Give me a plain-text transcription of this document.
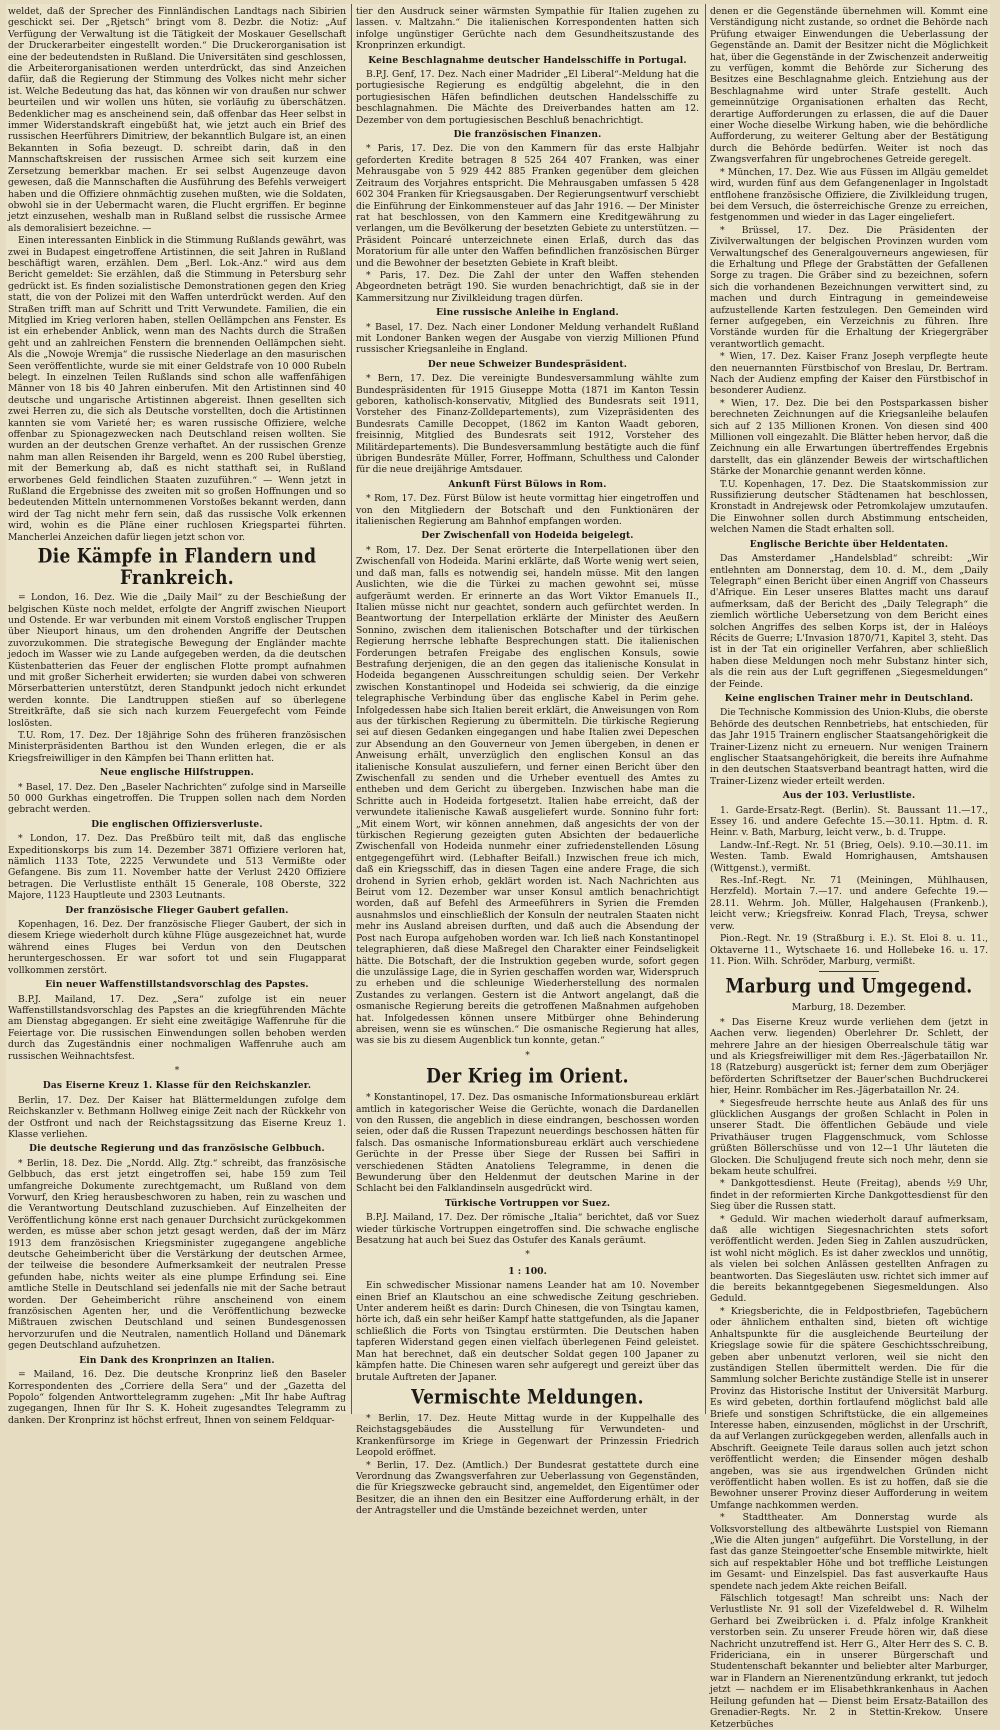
weldet, daß der Sprecher des Finnländischen Landtags nach Sibirien geschickt sei. Der „Rjetsch“ bringt vom 8. Dezbr. die Notiz: „Auf Verfügung der Verwaltung ist die Tätigkeit der Moskauer Gesellschaft der Druckerarbeiter eingestellt worden.“ Die Druckerorganisation ist eine der bedeutendsten in Rußland. Die Universitäten sind geschlossen, die Arbeiterorganisationen werden unterdrückt, das sind Anzeichen dafür, daß die Regierung der Stimmung des Volkes nicht mehr sicher ist. Welche Bedeutung das hat, das können wir von draußen nur schwer beurteilen und wir wollen uns hüten, sie vorläufig zu überschätzen. Bedenklicher mag es anscheinend sein, daß offenbar das Heer selbst in immer Widerstandskraft eingebüßt hat, wie jetzt auch ein Brief des russischen Heerführers Dimitriew, der bekanntlich Bulgare ist, an einen Bekannten in Sofia bezeugt. D. schreibt darin, daß in den Mannschaftskreisen der russischen Armee sich seit kurzem eine Zersetzung bemerkbar machen. Er sei selbst Augenzeuge davon gewesen, daß die Mannschaften die Ausführung des Befehls verweigert haben und die Offiziere ohnmächtig zusehen mußten, wie die Soldaten, obwohl sie in der Uebermacht waren, die Flucht ergriffen. Er beginne jetzt einzusehen, weshalb man in Rußland selbst die russische Armee als demoralisiert bezeichne. —

Einen interessanten Einblick in die Stimmung Rußlands gewährt, was zwei in Budapest eingetroffene Artistinnen, die seit Jahren in Rußland beschäftigt waren, erzählen. Dem „Berl. Lok.-Anz.“ wird aus dem Bericht gemeldet: Sie erzählen, daß die Stimmung in Petersburg sehr gedrückt ist. Es finden sozialistische Demonstrationen gegen den Krieg statt, die von der Polizei mit den Waffen unterdrückt werden. Auf den Straßen trifft man auf Schritt und Tritt Verwundete. Familien, die ein Mitglied im Krieg verloren haben, stellen Oellämpchen ans Fenster. Es ist ein erhebender Anblick, wenn man des Nachts durch die Straßen geht und an zahlreichen Fenstern die brennenden Oellämpchen sieht. Als die „Nowoje Wremja“ die russische Niederlage an den masurischen Seen veröffentlichte, wurde sie mit einer Geldstrafe von 10 000 Rubeln belegt. In einzelnen Teilen Rußlands sind schon alle waffenfähigen Männer von 18 bis 40 Jahren einberufen. Mit den Artistinnen sind 40 deutsche und ungarische Artistinnen abgereist. Ihnen gesellten sich zwei Herren zu, die sich als Deutsche vorstellten, doch die Artistinnen kannten sie vom Varieté her; es waren russische Offiziere, welche offenbar zu Spionagezwecken nach Deutschland reisen wollten. Sie wurden an der deutschen Grenze verhaftet. An der russischen Grenze nahm man allen Reisenden ihr Bargeld, wenn es 200 Rubel überstieg, mit der Bemerkung ab, daß es nicht statthaft sei, in Rußland erworbenes Geld feindlichen Staaten zuzuführen.“ — Wenn jetzt in Rußland die Ergebnisse des zweiten mit so großen Hoffnungen und so bedeutenden Mitteln unternommenen Vorstoßes bekannt werden, dann wird der Tag nicht mehr fern sein, daß das russische Volk erkennen wird, wohin es die Pläne einer ruchlosen Kriegspartei führten. Mancherlei Anzeichen dafür liegen jetzt schon vor.

Die Kämpfe in Flandern und Frankreich.

= London, 16. Dez. Wie die „Daily Mail“ zu der Beschießung der belgischen Küste noch meldet, erfolgte der Angriff zwischen Nieuport und Ostende. Er war verbunden mit einem Vorstoß englischer Truppen über Nieuport hinaus, um den drohenden Angriffe der Deutschen zuvorzukommen. Die strategische Bewegung der Engländer machte jedoch im Wasser wie zu Lande aufgegeben werden, da die deutschen Küstenbatterien das Feuer der englischen Flotte prompt aufnahmen und mit großer Sicherheit erwiderten; sie wurden dabei von schweren Mörserbatterien unterstützt, deren Standpunkt jedoch nicht erkundet werden konnte. Die Landtruppen stießen auf so überlegene Streitkräfte, daß sie sich nach kurzem Feuergefecht vom Feinde loslösten.

T.U. Rom, 17. Dez. Der 18jährige Sohn des früheren französischen Ministerpräsidenten Barthou ist den Wunden erlegen, die er als Kriegsfreiwilliger in den Kämpfen bei Thann erlitten hat.

Neue englische Hilfstruppen.

* Basel, 17. Dez. Den „Baseler Nachrichten“ zufolge sind in Marseille 50 000 Gurkhas eingetroffen. Die Truppen sollen nach dem Norden gebracht werden.

Die englischen Offiziersverluste.

* London, 17. Dez. Das Preßbüro teilt mit, daß das englische Expeditionskorps bis zum 14. Dezember 3871 Offiziere verloren hat, nämlich 1133 Tote, 2225 Verwundete und 513 Vermißte oder Gefangene. Bis zum 11. November hatte der Verlust 2420 Offiziere betragen. Die Verlustliste enthält 15 Generale, 108 Oberste, 322 Majore, 1123 Hauptleute und 2303 Leutnants.

Der französische Flieger Gaubert gefallen.

Kopenhagen, 16. Dez. Der französische Flieger Gaubert, der sich in diesem Kriege wiederholt durch kühne Flüge ausgezeichnet hat, wurde während eines Fluges bei Verdun von den Deutschen heruntergeschossen. Er war sofort tot und sein Flugapparat vollkommen zerstört.

Ein neuer Waffenstillstandsvorschlag des Papstes.

B.P.J. Mailand, 17. Dez. „Sera“ zufolge ist ein neuer Waffenstillstandsvorschlag des Papstes an die kriegführenden Mächte am Dienstag abgegangen. Er sieht eine zweitägige Waffenruhe für die Feiertage vor. Die russischen Einwendungen sollen behoben werden durch das Zugeständnis einer nochmaligen Waffenruhe auch am russischen Weihnachtsfest.

*
Das Eiserne Kreuz 1. Klasse für den Reichskanzler.

Berlin, 17. Dez. Der Kaiser hat Blättermeldungen zufolge dem Reichskanzler v. Bethmann Hollweg einige Zeit nach der Rückkehr von der Ostfront und nach der Reichstagssitzung das Eiserne Kreuz 1. Klasse verliehen.

Die deutsche Regierung und das französische Gelbbuch.

* Berlin, 18. Dez. Die „Nordd. Allg. Ztg.“ schreibt, das französische Gelbbuch, das erst jetzt eingetroffen sei, habe 159 zum Teil umfangreiche Dokumente zurechtgemacht, um Rußland von dem Vorwurf, den Krieg herausbeschworen zu haben, rein zu waschen und die Verantwortung Deutschland zuzuschieben. Auf Einzelheiten der Veröffentlichung könne erst nach genauer Durchsicht zurückgekommen werden, es müsse aber schon jetzt gesagt werden, daß der im März 1913 dem französischen Kriegsminister zugegangene angebliche deutsche Geheimbericht über die Verstärkung der deutschen Armee, der teilweise die besondere Aufmerksamkeit der neutralen Presse gefunden habe, nichts weiter als eine plumpe Erfindung sei. Eine amtliche Stelle in Deutschland sei jedenfalls nie mit der Sache betraut worden. Der Geheimbericht rühre anscheinend von einem französischen Agenten her, und die Veröffentlichung bezwecke Mißtrauen zwischen Deutschland und seinen Bundesgenossen hervorzurufen und die Neutralen, namentlich Holland und Dänemark gegen Deutschland aufzuhetzen.

Ein Dank des Kronprinzen an Italien.

= Mailand, 16. Dez. Die deutsche Kronprinz ließ den Baseler Korrespondenten des „Corriere della Sera“ und der „Gazetta del Popolo“ folgenden Antworttelegramm zugehen: „Mit Ihr habe Auftrag zugegangen, Ihnen für Ihr S. K. Hoheit zugesandtes Telegramm zu danken. Der Kronprinz ist höchst erfreut, Ihnen von seinem Feldquar-

tier den Ausdruck seiner wärmsten Sympathie für Italien zugehen zu lassen. v. Maltzahn.“ Die italienischen Korrespondenten hatten sich infolge ungünstiger Gerüchte nach dem Gesundheitszustande des Kronprinzen erkundigt.

Keine Beschlagnahme deutscher Handelsschiffe in Portugal.

B.P.J. Genf, 17. Dez. Nach einer Madrider „El Liberal“-Meldung hat die portugiesische Regierung es endgültig abgelehnt, die in den portugiesischen Häfen befindlichen deutschen Handelsschiffe zu beschlagnahmen. Die Mächte des Dreiverbandes hatten am 12. Dezember von dem portugiesischen Beschluß benachrichtigt.

Die französischen Finanzen.

* Paris, 17. Dez. Die von den Kammern für das erste Halbjahr geforderten Kredite betragen 8 525 264 407 Franken, was einer Mehrausgabe von 5 929 442 885 Franken gegenüber dem gleichen Zeitraum des Vorjahres entspricht. Die Mehrausgaben umfassen 5 428 602 304 Franken für Kriegsausgaben. Der Regierungsentwurf verschiebt die Einführung der Einkommensteuer auf das Jahr 1916. — Der Minister rat hat beschlossen, von den Kammern eine Kreditgewährung zu verlangen, um die Bevölkerung der besetzten Gebiete zu unterstützen. — Präsident Poincaré unterzeichnete einen Erlaß, durch das das Moratorium für alle unter den Waffen befindlichen französischen Bürger und die Bewohner der besetzten Gebiete in Kraft bleibt.

* Paris, 17. Dez. Die Zahl der unter den Waffen stehenden Abgeordneten beträgt 190. Sie wurden benachrichtigt, daß sie in der Kammersitzung nur Zivilkleidung tragen dürfen.

Eine russische Anleihe in England.

* Basel, 17. Dez. Nach einer Londoner Meldung verhandelt Rußland mit Londoner Banken wegen der Ausgabe von vierzig Millionen Pfund russischer Kriegsanleihe in England.

Der neue Schweizer Bundespräsident.

* Bern, 17. Dez. Die vereinigte Bundesversammlung wählte zum Bundespräsidenten für 1915 Giuseppe Motta (1871 im Kanton Tessin geboren, katholisch-konservativ, Mitglied des Bundesrats seit 1911, Vorsteher des Finanz-Zolldepartements), zum Vizepräsidenten des Bundesrats Camille Decoppet, (1862 im Kanton Waadt geboren, freisinnig, Mitglied des Bundesrats seit 1912, Vorsteher des Militärdepartements). Die Bundesversammlung bestätigte auch die fünf übrigen Bundesräte Müller, Forrer, Hoffmann, Schulthess und Calonder für die neue dreijährige Amtsdauer.

Ankunft Fürst Bülows in Rom.

* Rom, 17. Dez. Fürst Bülow ist heute vormittag hier eingetroffen und von den Mitgliedern der Botschaft und den Funktionären der italienischen Regierung am Bahnhof empfangen worden.

Der Zwischenfall von Hodeida beigelegt.

* Rom, 17. Dez. Der Senat erörterte die Interpellationen über den Zwischenfall von Hodeida. Marini erklärte, daß Worte wenig wert seien, und daß man, falls es notwendig sei, handeln müsse. Mit den langen Auslichten, wie die die Türkei zu machen gewohnt sei, müsse aufgeräumt werden. Er erinnerte an das Wort Viktor Emanuels II., Italien müsse nicht nur geachtet, sondern auch gefürchtet werden. In Beantwortung der Interpellation erklärte der Minister des Aeußern Sonnino, zwischen dem italienischen Botschafter und der türkischen Regierung herrsche lebhafte Besprechungen statt. Die italienischen Forderungen betrafen Freigabe des englischen Konsuls, sowie Bestrafung derjenigen, die an den gegen das italienische Konsulat in Hodeida begangenen Ausschreitungen schuldig seien. Der Verkehr zwischen Konstantinopel und Hodeida sei schwierig, da die einzige telegraphische Verbindung über das englische Kabel in Perim gehe. Infolgedessen habe sich Italien bereit erklärt, die Anweisungen von Rom aus der türkischen Regierung zu übermitteln. Die türkische Regierung sei auf diesen Gedanken eingegangen und habe Italien zwei Depeschen zur Absendung an den Gouverneur von Jemen übergeben, in denen er Anweisung erhält, unverzüglich den englischen Konsul an das italienische Konsulat auszuliefern, und ferner einen Bericht über den Zwischenfall zu senden und die Urheber eventuell des Amtes zu entheben und dem Gericht zu übergeben. Inzwischen habe man die Schritte auch in Hodeida fortgesetzt. Italien habe erreicht, daß der verwundete italienische Kawaß ausgeliefert wurde. Sonnino fuhr fort: „Mit einem Wort, wir können annehmen, daß angesichts der von der türkischen Regierung gezeigten guten Absichten der bedauerliche Zwischenfall von Hodeida nunmehr einer zufriedenstellenden Lösung entgegengeführt wird. (Lebhafter Beifall.) Inzwischen freue ich mich, daß ein Kriegsschiff, das in diesen Tagen eine andere Frage, die sich drohend in Syrien erhob, geklärt worden ist. Nach Nachrichten aus Beirut vom 12. Dezember war unser Konsul amtlich benachrichtigt worden, daß auf Befehl des Armeeführers in Syrien die Fremden ausnahmslos und einschließlich der Konsuln der neutralen Staaten nicht mehr ins Ausland abreisen durften, und daß auch die Absendung der Post nach Europa aufgehoben worden war. Ich ließ nach Konstantinopel telegraphieren, daß diese Maßregel den Charakter einer Feindseligkeit hätte. Die Botschaft, der die Instruktion gegeben wurde, sofort gegen die unzulässige Lage, die in Syrien geschaffen worden war, Widerspruch zu erheben und die schleunige Wiederherstellung des normalen Zustandes zu verlangen. Gestern ist die Antwort angelangt, daß die osmanische Regierung bereits die getroffenen Maßnahmen aufgehoben hat. Infolgedessen können unsere Mitbürger ohne Behinderung abreisen, wenn sie es wünschen.“ Die osmanische Regierung hat alles, was sie bis zu diesem Augenblick tun konnte, getan.“

*
Der Krieg im Orient.

* Konstantinopel, 17. Dez. Das osmanische Informationsbureau erklärt amtlich in kategorischer Weise die Gerüchte, wonach die Dardanellen von den Russen, die angeblich in diese eindrangen, beschossen worden seien, oder daß die Russen Trapezunt neuerdings beschossen hätten für falsch. Das osmanische Informationsbureau erklärt auch verschiedene Gerüchte in der Presse über Siege der Russen bei Saffiri in verschiedenen Städten Anatoliens Telegramme, in denen die Bewunderung über den Heldenmut der deutschen Marine in der Schlacht bei den Falklandinseln ausgedrückt wird.

Türkische Vortruppen vor Suez.

B.P.J. Mailand, 17. Dez. Der römische „Italia“ berichtet, daß vor Suez wieder türkische Vortruppen eingetroffen sind. Die schwache englische Besatzung hat auch bei Suez das Ostufer des Kanals geräumt.

*
1 : 100.

Ein schwedischer Missionar namens Leander hat am 10. November einen Brief an Klautschou an eine schwedische Zeitung geschrieben. Unter anderem heißt es darin: Durch Chinesen, die von Tsingtau kamen, hörte ich, daß ein sehr heißer Kampf hatte stattgefunden, als die Japaner schließlich die Forts von Tsingtau erstürmten. Die Deutschen haben tapferen Widerstand gegen einen vielfach überlegenen Feind geleistet. Man hat berechnet, daß ein deutscher Soldat gegen 100 Japaner zu kämpfen hatte. Die Chinesen waren sehr aufgeregt und gereizt über das brutale Auftreten der Japaner.

Vermischte Meldungen.

* Berlin, 17. Dez. Heute Mittag wurde in der Kuppelhalle des Reichstagsgebäudes die Ausstellung für Verwundeten- und Krankenfürsorge im Kriege in Gegenwart der Prinzessin Friedrich Leopold eröffnet.

* Berlin, 17. Dez. (Amtlich.) Der Bundesrat gestattete durch eine Verordnung das Zwangsverfahren zur Ueberlassung von Gegenständen, die für Kriegszwecke gebraucht sind, angemeldet, den Eigentümer oder Besitzer, die an ihnen den ein Besitzer eine Aufforderung erhält, in der der Antragsteller und die Umstände bezeichnet werden, unter

denen er die Gegenstände übernehmen will. Kommt eine Verständigung nicht zustande, so ordnet die Behörde nach Prüfung etwaiger Einwendungen die Ueberlassung der Gegenstände an. Damit der Besitzer nicht die Möglichkeit hat, über die Gegenstände in der Zwischenzeit anderweitig zu verfügen, kommt die Behörde zur Sicherung des Besitzes eine Beschlagnahme gleich. Entziehung aus der Beschlagnahme wird unter Strafe gestellt. Auch gemeinnützige Organisationen erhalten das Recht, derartige Aufforderungen zu erlassen, die auf die Dauer einer Woche dieselbe Wirkung haben, wie die behördliche Aufforderung, zu weiterer Geltung aber der Bestätigung durch die Behörde bedürfen. Weiter ist noch das Zwangsverfahren für ungebrochenes Getreide geregelt.

* München, 17. Dez. Wie aus Füssen im Allgäu gemeldet wird, wurden fünf aus dem Gefangenenlager in Ingolstadt entflohene französische Offiziere, die Zivilkleidung trugen, bei dem Versuch, die österreichische Grenze zu erreichen, festgenommen und wieder in das Lager eingeliefert.

* Brüssel, 17. Dez. Die Präsidenten der Zivilverwaltungen der belgischen Provinzen wurden vom Verwaltungschef des Generalgouverneurs angewiesen, für die Erhaltung und Pflege der Grabstätten der Gefallenen Sorge zu tragen. Die Gräber sind zu bezeichnen, sofern sich die vorhandenen Bezeichnungen verwittert sind, zu machen und durch Eintragung in gemeindeweise aufzustellende Karten festzulegen. Den Gemeinden wird ferner aufgegeben, ein Verzeichnis zu führen. Ihre Vorstände wurden für die Erhaltung der Kriegergräber verantwortlich gemacht.

* Wien, 17. Dez. Kaiser Franz Joseph verpflegte heute den neuernannten Fürstbischof von Breslau, Dr. Bertram. Nach der Audienz empfing der Kaiser den Fürstbischof in besonderer Audienz.

* Wien, 17. Dez. Die bei den Postsparkassen bisher berechneten Zeichnungen auf die Kriegsanleihe belaufen sich auf 2 135 Millionen Kronen. Von diesen sind 400 Millionen voll eingezahlt. Die Blätter heben hervor, daß die Zeichnung ein alle Erwartungen übertreffendes Ergebnis darstellt, das ein glänzender Beweis der wirtschaftlichen Stärke der Monarchie genannt werden könne.

T.U. Kopenhagen, 17. Dez. Die Staatskommission zur Russifizierung deutscher Städtenamen hat beschlossen, Kronstadt in Andrejewsk oder Petromkolajew umzutaufen. Die Einwohner sollen durch Abstimmung entscheiden, welchen Namen die Stadt erhalten soll.

Englische Berichte über Heldentaten.

Das Amsterdamer „Handelsblad“ schreibt: „Wir entlehnten am Donnerstag, dem 10. d. M., dem „Daily Telegraph“ einen Bericht über einen Angriff von Chasseurs d'Afrique. Ein Leser unseres Blattes macht uns darauf aufmerksam, daß der Bericht des „Daily Telegraph“ die ziemlich wörtliche Uebersetzung von dem Bericht eines solchen Angriffes des selben Korps ist, der in Haléoys Récits de Guerre; L'Invasion 1870/71, Kapitel 3, steht. Das ist in der Tat ein origineller Verfahren, aber schließlich haben diese Meldungen noch mehr Substanz hinter sich, als die rein aus der Luft gegriffenen „Siegesmeldungen“ der Feinde.

Keine englischen Trainer mehr in Deutschland.

Die Technische Kommission des Union-Klubs, die oberste Behörde des deutschen Rennbetriebs, hat entschieden, für das Jahr 1915 Trainern englischer Staatsangehörigkeit die Trainer-Lizenz nicht zu erneuern. Nur wenigen Trainern englischer Staatsangehörigkeit, die bereits ihre Aufnahme in den deutschen Staatsverband beantragt hatten, wird die Trainer-Lizenz wieder erteilt werden.

Aus der 103. Verlustliste.

1. Garde-Ersatz-Regt. (Berlin). St. Baussant 11.—17., Essey 16. und andere Gefechte 15.—30.11. Hptm. d. R. Heinr. v. Bath, Marburg, leicht verw., b. d. Truppe.

Landw.-Inf.-Regt. Nr. 51 (Brieg, Oels). 9.10.—30.11. im Westen. Tamb. Ewald Homrighausen, Amtshausen (Wittgenst.), vermißt.

Res.-Inf.-Regt. Nr. 71 (Meiningen, Mühlhausen, Herzfeld). Mortain 7.—17. und andere Gefechte 19.—28.11. Wehrm. Joh. Müller, Halgehausen (Frankenb.), leicht verw.; Kriegsfreiw. Konrad Flach, Treysa, schwer verw.

Pion.-Regt. Nr. 19 (Straßburg i. E.). St. Eloi 8. u. 11., Oktaverne 11., Wytschaete 16. und Hollebeke 16. u. 17. 11. Pion. Wilh. Schröder, Marburg, vermißt.

Marburg und Umgegend.
Marburg, 18. Dezember.

* Das Eiserne Kreuz wurde verliehen dem (jetzt in Aachen verw. liegenden) Oberlehrer Dr. Schlett, der mehrere Jahre an der hiesigen Oberrealschule tätig war und als Kriegsfreiwilliger mit dem Res.-Jägerbataillon Nr. 18 (Ratzeburg) ausgerückt ist; ferner dem zum Oberjäger beförderten Schriftsetzer der Bauer'schen Buchdruckerei hier, Heinr. Rombächer im Res.-Jägerbataillon Nr. 24.

* Siegesfreude herrschte heute aus Anlaß des für uns glücklichen Ausgangs der großen Schlacht in Polen in unserer Stadt. Die öffentlichen Gebäude und viele Privathäuser trugen Flaggenschmuck, vom Schlosse grüßten Böllerschüsse und von 12—1 Uhr läuteten die Glocken. Die Schuljugend freute sich noch mehr, denn sie bekam heute schulfrei.

* Dankgottesdienst. Heute (Freitag), abends ½9 Uhr, findet in der reformierten Kirche Dankgottesdienst für den Sieg über die Russen statt.

* Geduld. Wir machen wiederholt darauf aufmerksam, daß alle wichtigen Siegesnachrichten stets sofort veröffentlicht werden. Jeden Sieg in Zahlen auszudrücken, ist wohl nicht möglich. Es ist daher zwecklos und unnötig, als vielen bei solchen Anlässen gestellten Anfragen zu beantworten. Das Siegesläuten usw. richtet sich immer auf die bereits bekanntgegebenen Siegesmeldungen. Also Geduld.

* Kriegsberichte, die in Feldpostbriefen, Tagebüchern oder ähnlichem enthalten sind, bieten oft wichtige Anhaltspunkte für die ausgleichende Beurteilung der Kriegslage sowie für die spätere Geschichtsschreibung, geben aber unbenutzt verloren, weil sie nicht den zuständigen Stellen übermittelt werden. Die für die Sammlung solcher Berichte zuständige Stelle ist in unserer Provinz das Historische Institut der Universität Marburg. Es wird gebeten, dorthin fortlaufend möglichst bald alle Briefe und sonstigen Schriftstücke, die ein allgemeines Interesse haben, einzusenden, möglichst in der Urschrift, da auf Verlangen zurückgegeben werden, allenfalls auch in Abschrift. Geeignete Teile daraus sollen auch jetzt schon veröffentlicht werden; die Einsender mögen deshalb angeben, was sie aus irgendwelchen Gründen nicht veröffentlicht haben wollen. Es ist zu hoffen, daß sie die Bewohner unserer Provinz dieser Aufforderung in weitem Umfange nachkommen werden.

* Stadttheater. Am Donnerstag wurde als Volksvorstellung des altbewährte Lustspiel von Riemann „Wie die Alten jungen“ aufgeführt. Die Vorstellung, in der fast das ganze Steingoetter'sche Ensemble mitwirkte, hielt sich auf respektabler Höhe und bot treffliche Leistungen im Gesamt- und Einzelspiel. Das fast ausverkaufte Haus spendete nach jedem Akte reichen Beifall.

Fälschlich totgesagt! Man schreibt uns: Nach der Verlustliste Nr. 91 soll der Vizefeldwebel d. R. Wilhelm Gerhard bei Zweibrücken i. d. Pfalz infolge Krankheit verstorben sein. Zu unserer Freude hören wir, daß diese Nachricht unzutreffend ist. Herr G., Alter Herr des S. C. B. Fridericiana, ein in unserer Bürgerschaft und Studentenschaft bekannter und beliebter alter Marburger, war in Flandern an Nierenentzündung erkrankt, tut jedoch jetzt — nachdem er im Elisabethkrankenhaus in Aachen Heilung gefunden hat — Dienst beim Ersatz-Bataillon des Grenadier-Regts. Nr. 2 in Stettin-Krekow. Unsere Ketzerbüches
